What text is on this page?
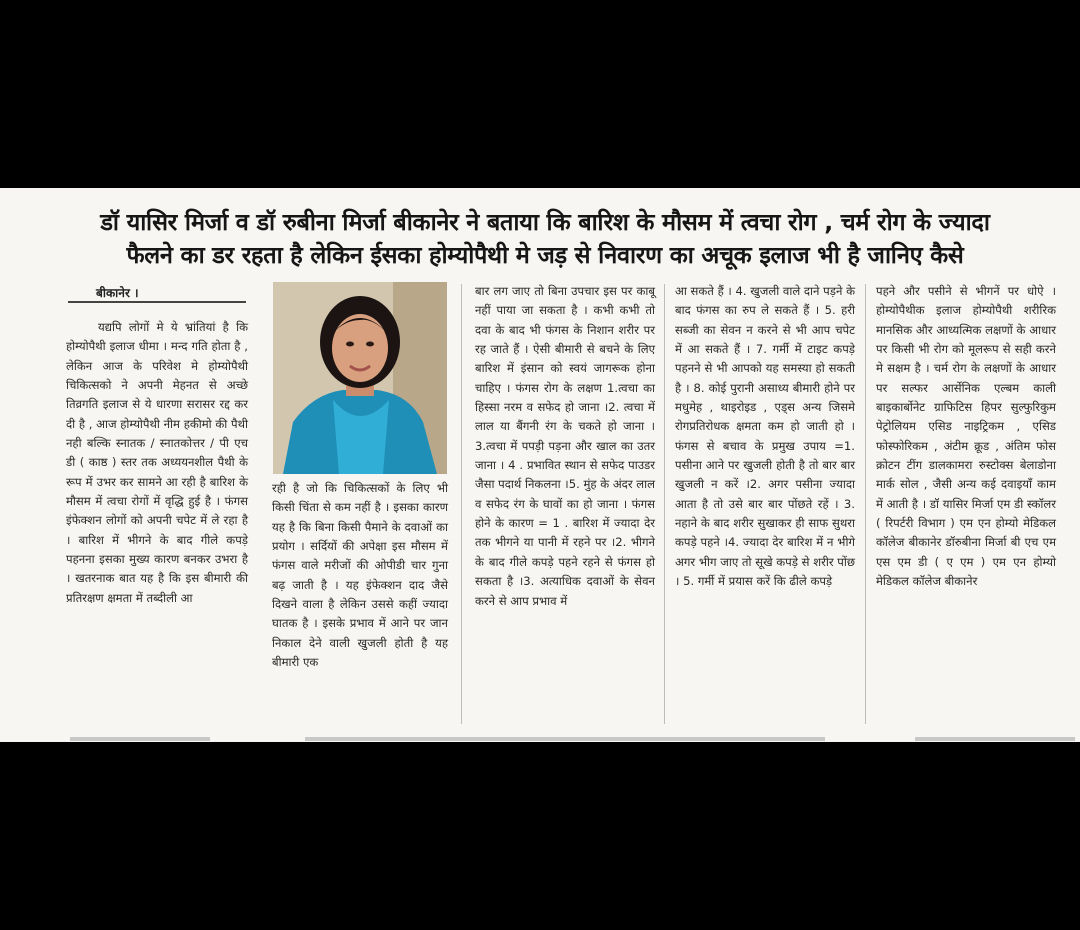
डॉ यासिर मिर्जा व डॉ रुबीना मिर्जा बीकानेर ने बताया कि बारिश के मौसम में त्वचा रोग , चर्म रोग के ज्यादा
फैलने का डर रहता है लेकिन ईसका होम्योपैथी मे जड़ से निवारण का अचूक इलाज भी है जानिए कैसे
बीकानेर ।

यद्यपि लोगों मे ये भ्रांतियां है कि होम्योपैथी इलाज धीमा । मन्द गति होता है , लेकिन आज के परिवेश मे होम्योपैथी चिकित्सको ने अपनी मेहनत से अच्छे तिव्रगति इलाज से ये धारणा सरासर रद्द कर दी है , आज होम्योपैथी नीम हकीमो की पैथी नही बल्कि स्नातक / स्नातकोत्तर / पी एच डी ( काष्ठ ) स्तर तक अध्ययनशील पैथी के रूप में उभर कर सामने आ रही है बारिश के मौसम में त्वचा रोगों में वृद्धि हुई है । फंगस इंफेक्शन लोगों को अपनी चपेट में ले रहा है । बारिश में भीगने के बाद गीले कपड़े पहनना इसका मुख्य कारण बनकर उभरा है । खतरनाक बात यह है कि इस बीमारी की प्रतिरक्षण क्षमता में तब्दीली आ

रही है जो कि चिकित्सकों के लिए भी किसी चिंता से कम नहीं है । इसका कारण यह है कि बिना किसी पैमाने के दवाओं का प्रयोग । सर्दियों की अपेक्षा इस मौसम में फंगस वाले मरीजों की ओपीडी चार गुना बढ़ जाती है । यह इंफेक्शन दाद जैसे दिखने वाला है लेकिन उससे कहीं ज्यादा घातक है । इसके प्रभाव में आने पर जान निकाल देने वाली खुजली होती है यह बीमारी एक

बार लग जाए तो बिना उपचार इस पर काबू नहीं पाया जा सकता है । कभी कभी तो दवा के बाद भी फंगस के निशान शरीर पर रह जाते हैं । ऐसी बीमारी से बचने के लिए बारिश में इंसान को स्वयं जागरूक होना चाहिए । फंगस रोग के लक्षण 1.त्वचा का हिस्सा नरम व सफेद हो जाना ।2. त्वचा में लाल या बैंगनी रंग के चकते हो जाना । 3.त्वचा में पपड़ी पड़ना और खाल का उतर जाना । 4 . प्रभावित स्थान से सफेद पाउडर जैसा पदार्थ निकलना ।5. मुंह के अंदर लाल व सफेद रंग के घावों का हो जाना । फंगस होने के कारण = 1 . बारिश में ज्यादा देर तक भीगने या पानी में रहने पर ।2. भीगने के बाद गीले कपड़े पहने रहने से फंगस हो सकता है ।3. अत्याधिक दवाओं के सेवन करने से आप प्रभाव में

आ सकते हैं । 4. खुजली वाले दाने पड़ने के बाद फंगस का रुप ले सकते हैं । 5. हरी सब्जी का सेवन न करने से भी आप चपेट में आ सकते हैं । 7. गर्मी में टाइट कपड़े पहनने से भी आपको यह समस्या हो सकती है । 8. कोई पुरानी असाध्य बीमारी होने पर मधुमेह , थाइरोइड , एड्स अन्य जिसमे रोगप्रतिरोधक क्षमता कम हो जाती हो । फंगस से बचाव के प्रमुख उपाय =1. पसीना आने पर खुजली होती है तो बार बार खुजली न करें ।2. अगर पसीना ज्यादा आता है तो उसे बार बार पोंछते रहें । 3. नहाने के बाद शरीर सुखाकर ही साफ सुथरा कपड़े पहने ।4. ज्यादा देर बारिश में न भीगे अगर भीग जाए तो सूखे कपड़े से शरीर पोंछ । 5. गर्मी में प्रयास करें कि ढीले कपड़े

पहने और पसीने से भीगनें पर धोऐ । होम्योपैथीक इलाज होम्योपैथी शरीरिक मानसिक और आध्यत्मिक लक्षणों के आधार पर किसी भी रोग को मूलरूप से सही करने मे सक्षम है । चर्म रोग के लक्षणों के आधार पर सल्फर आर्सेनिक एल्बम काली बाइकार्बोनेट ग्राफिटिस हिपर सुल्फुरिकुम पेट्रोलियम एसिड नाइट्रिकम , एसिड फोस्फोरिकम , अंटीम क्रूड , अंतिम फोस क्रोटन टींग डालकामरा रुस्टोक्स बेलाडोना मार्क सोल , जैसी अन्य कई दवाइयाँ काम में आती है । डॉ यासिर मिर्जा एम डी स्कॉलर ( रिपर्टरी विभाग ) एम एन होम्यो मेडिकल कॉलेज बीकानेर डॉरुबीना मिर्जा बी एच एम एस एम डी ( ए एम ) एम एन होम्यो मेडिकल कॉलेज बीकानेर
